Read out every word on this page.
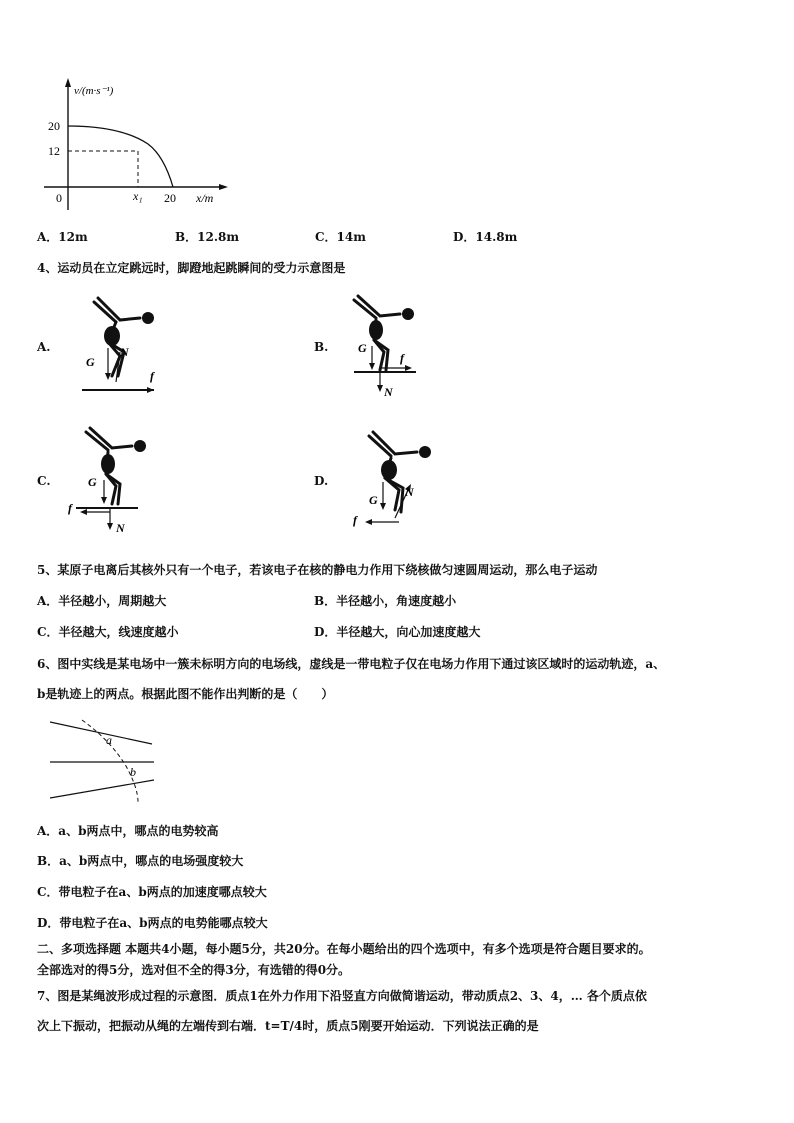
v/(m·s⁻¹)
20
12
0	x₁ 20 x/m
A．12m	B．12.8m	C．14m	D．14.8m
4、运动员在立定跳远时，脚蹬地起跳瞬间的受力示意图是
A.	B.
C.	D.
G
N
f
G
N
f
G
N
f
G
N
f
5、某原子电离后其核外只有一个电子，若该电子在核的静电力作用下绕核做匀速圆周运动，那么电子运动
A．半径越小，周期越大	B．半径越小，角速度越小
C．半径越大，线速度越小	D．半径越大，向心加速度越大
6、图中实线是某电场中一簇未标明方向的电场线，虚线是一带电粒子仅在电场力作用下通过该区域时的运动轨迹，a、
b是轨迹上的两点。根据此图不能作出判断的是（　　）
a
b
A．a、b两点中，哪点的电势较高
B．a、b两点中，哪点的电场强度较大
C．带电粒子在a、b两点的加速度哪点较大
D．带电粒子在a、b两点的电势能哪点较大
二、多项选择题 本题共4小题，每小题5分，共20分。在每小题给出的四个选项中，有多个选项是符合题目要求的。
全部选对的得5分，选对但不全的得3分，有选错的得0分。
7、图是某绳波形成过程的示意图．质点1在外力作用下沿竖直方向做简谐运动，带动质点2、3、4，… 各个质点依
次上下振动，把振动从绳的左端传到右端．t=T/4时，质点5刚要开始运动．下列说法正确的是
